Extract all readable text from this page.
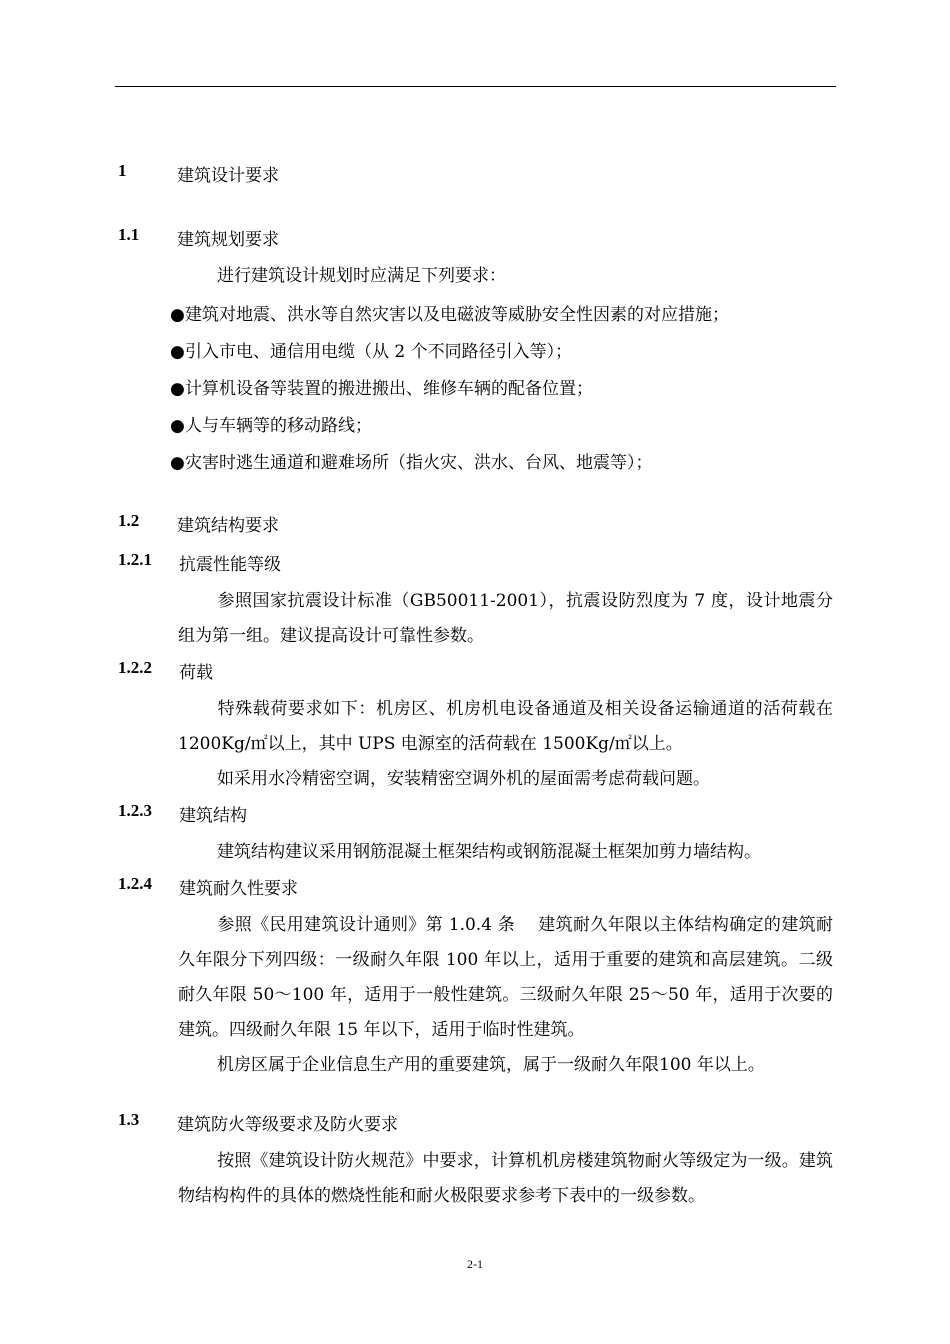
1	建筑设计要求
1.1 建筑规划要求
进行建筑设计规划时应满足下列要求：
●建筑对地震、洪水等自然灾害以及电磁波等威胁安全性因素的对应措施；
●引入市电、通信用电缆（从 2 个不同路径引入等）；
●计算机设备等装置的搬进搬出、维修车辆的配备位置；
●人与车辆等的移动路线；
●灾害时逃生通道和避难场所（指火灾、洪水、台风、地震等）；
1.2 建筑结构要求
1.2.1 抗震性能等级
参照国家抗震设计标准（GB50011-2001），抗震设防烈度为 7 度，设计地震分组为第一组。建议提高设计可靠性参数。
1.2.2 荷载
特殊载荷要求如下：机房区、机房机电设备通道及相关设备运输通道的活荷载在 1200Kg/㎡以上，其中 UPS 电源室的活荷载在 1500Kg/㎡以上。
如采用水冷精密空调，安装精密空调外机的屋面需考虑荷载问题。
1.2.3 建筑结构
建筑结构建议采用钢筋混凝土框架结构或钢筋混凝土框架加剪力墙结构。
1.2.4 建筑耐久性要求
参照《民用建筑设计通则》第 1.0.4 条　 建筑耐久年限以主体结构确定的建筑耐久年限分下列四级：一级耐久年限 100 年以上，适用于重要的建筑和高层建筑。二级耐久年限 50～100 年，适用于一般性建筑。三级耐久年限 25～50 年，适用于次要的建筑。四级耐久年限 15 年以下，适用于临时性建筑。
机房区属于企业信息生产用的重要建筑，属于一级耐久年限100 年以上。
1.3 建筑防火等级要求及防火要求
按照《建筑设计防火规范》中要求，计算机机房楼建筑物耐火等级定为一级。建筑物结构构件的具体的燃烧性能和耐火极限要求参考下表中的一级参数。
2-1
